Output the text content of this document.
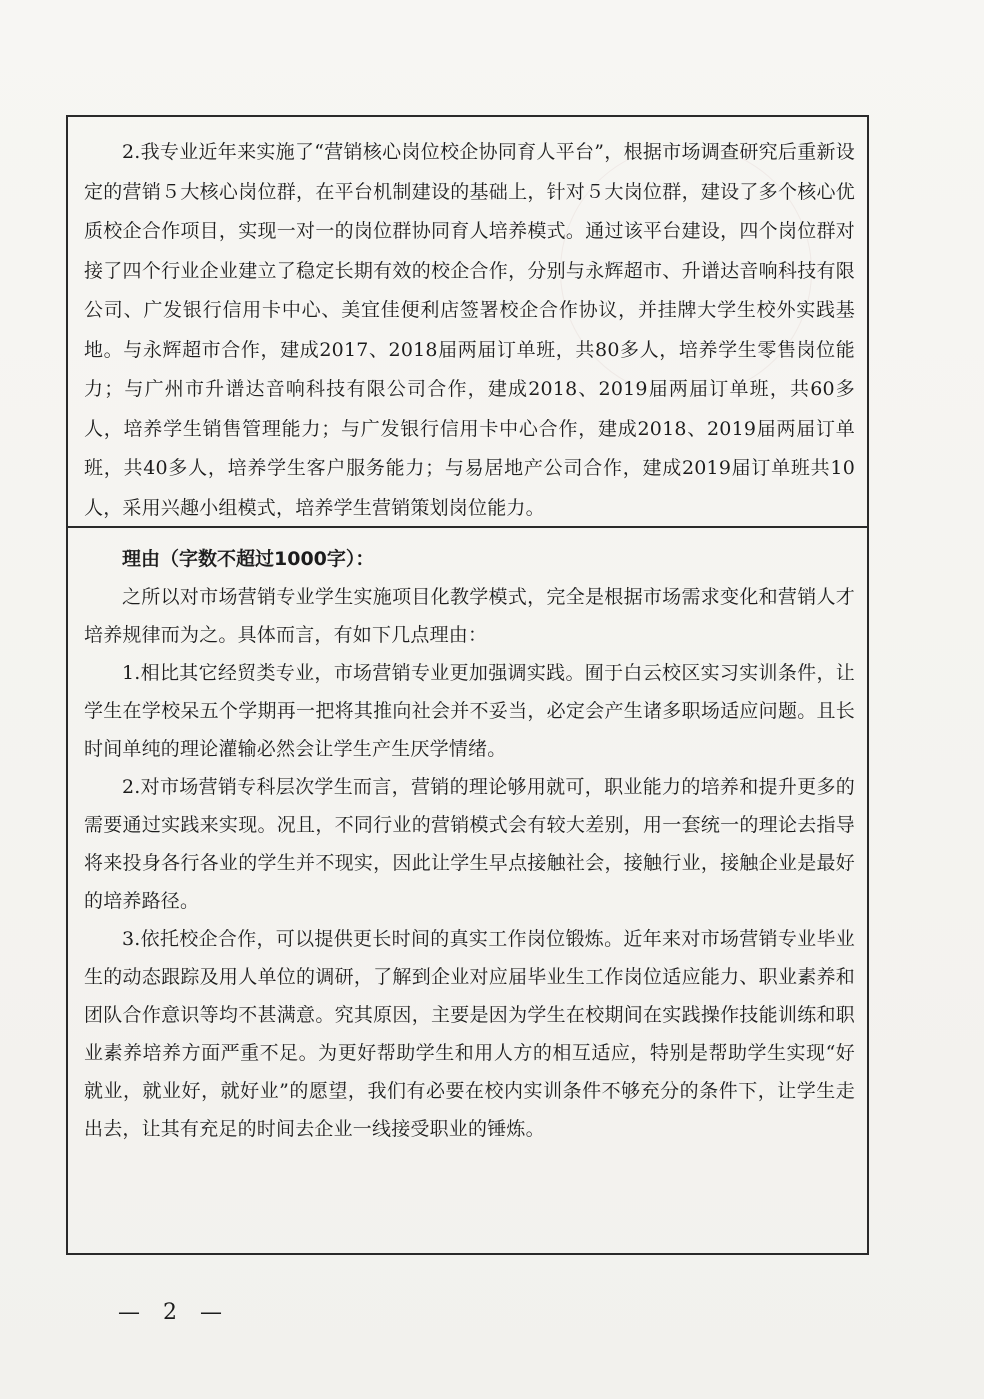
2.我专业近年来实施了“营销核心岗位校企协同育人平台”，根据市场调查研究后重新设定的营销５大核心岗位群，在平台机制建设的基础上，针对５大岗位群，建设了多个核心优质校企合作项目，实现一对一的岗位群协同育人培养模式。通过该平台建设，四个岗位群对接了四个行业企业建立了稳定长期有效的校企合作，分别与永辉超市、升谱达音响科技有限公司、广发银行信用卡中心、美宜佳便利店签署校企合作协议，并挂牌大学生校外实践基地。与永辉超市合作，建成2017、2018届两届订单班，共80多人，培养学生零售岗位能力；与广州市升谱达音响科技有限公司合作，建成2018、2019届两届订单班，共60多人，培养学生销售管理能力；与广发银行信用卡中心合作，建成2018、2019届两届订单班，共40多人，培养学生客户服务能力；与易居地产公司合作，建成2019届订单班共10人，采用兴趣小组模式，培养学生营销策划岗位能力。

理由（字数不超过1000字）：

之所以对市场营销专业学生实施项目化教学模式，完全是根据市场需求变化和营销人才培养规律而为之。具体而言，有如下几点理由：

1.相比其它经贸类专业，市场营销专业更加强调实践。囿于白云校区实习实训条件，让学生在学校呆五个学期再一把将其推向社会并不妥当，必定会产生诸多职场适应问题。且长时间单纯的理论灌输必然会让学生产生厌学情绪。

2.对市场营销专科层次学生而言，营销的理论够用就可，职业能力的培养和提升更多的需要通过实践来实现。况且，不同行业的营销模式会有较大差别，用一套统一的理论去指导将来投身各行各业的学生并不现实，因此让学生早点接触社会，接触行业，接触企业是最好的培养路径。

3.依托校企合作，可以提供更长时间的真实工作岗位锻炼。近年来对市场营销专业毕业生的动态跟踪及用人单位的调研，了解到企业对应届毕业生工作岗位适应能力、职业素养和团队合作意识等均不甚满意。究其原因，主要是因为学生在校期间在实践操作技能训练和职业素养培养方面严重不足。为更好帮助学生和用人方的相互适应，特别是帮助学生实现“好就业，就业好，就好业”的愿望，我们有必要在校内实训条件不够充分的条件下，让学生走出去，让其有充足的时间去企业一线接受职业的锤炼。

— 2 —
